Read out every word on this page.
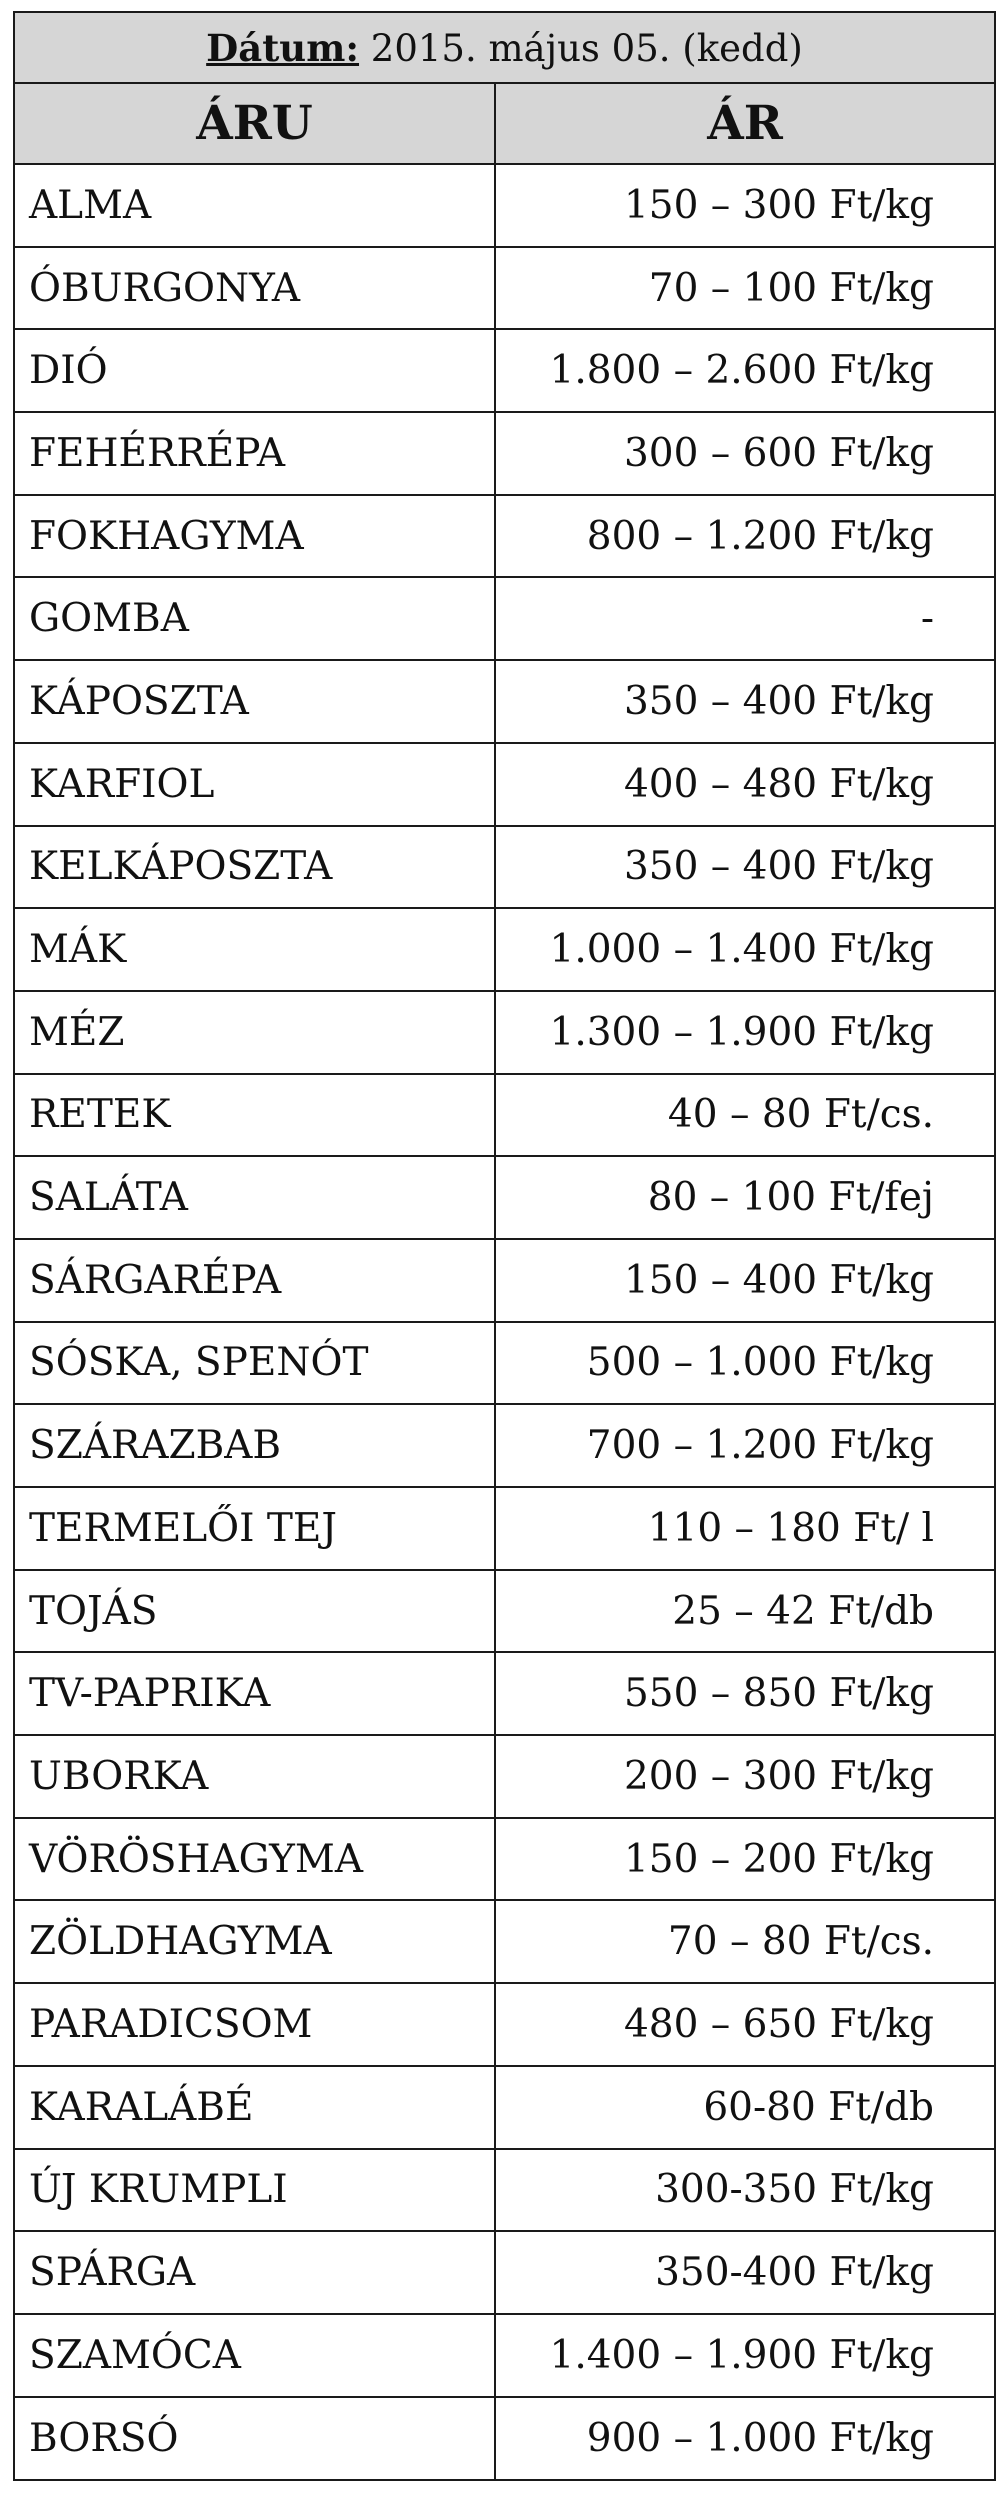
Dátum: 2015. május 05. (kedd)	
ÁRU	ÁR
ALMA	150 – 300 Ft/kg
ÓBURGONYA	70 – 100 Ft/kg
DIÓ	1.800 – 2.600 Ft/kg
FEHÉRRÉPA	300 – 600 Ft/kg
FOKHAGYMA	800 – 1.200 Ft/kg
GOMBA	-
KÁPOSZTA	350 – 400 Ft/kg
KARFIOL	400 – 480 Ft/kg
KELKÁPOSZTA	350 – 400 Ft/kg
MÁK	1.000 – 1.400 Ft/kg
MÉZ	1.300 – 1.900 Ft/kg
RETEK	40 – 80 Ft/cs.
SALÁTA	80 – 100 Ft/fej
SÁRGARÉPA	150 – 400 Ft/kg
SÓSKA, SPENÓT	500 – 1.000 Ft/kg
SZÁRAZBAB	700 – 1.200 Ft/kg
TERMELŐI TEJ	110 – 180 Ft/ l
TOJÁS	25 – 42 Ft/db
TV-PAPRIKA	550 – 850 Ft/kg
UBORKA	200 – 300 Ft/kg
VÖRÖSHAGYMA	150 – 200 Ft/kg
ZÖLDHAGYMA	70 – 80 Ft/cs.
PARADICSOM	480 – 650 Ft/kg
KARALÁBÉ	60-80 Ft/db
ÚJ KRUMPLI	300-350 Ft/kg
SPÁRGA	350-400 Ft/kg
SZAMÓCA	1.400 – 1.900 Ft/kg
BORSÓ	900 – 1.000 Ft/kg
